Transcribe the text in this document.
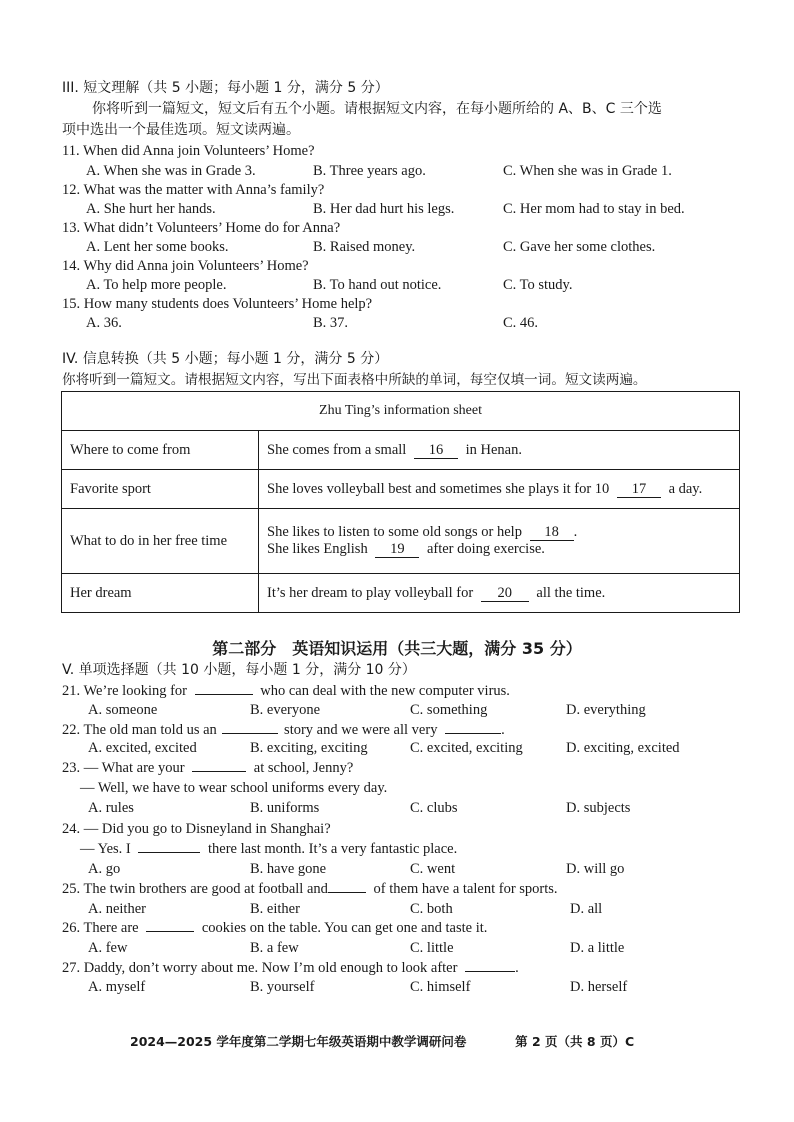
III. 短文理解（共 5 小题；每小题 1 分，满分 5 分）
你将听到一篇短文，短文后有五个小题。请根据短文内容，在每小题所给的 A、B、C 三个选
项中选出一个最佳选项。短文读两遍。
11. When did Anna join Volunteers’ Home?
A. When she was in Grade 3.	B. Three years ago.	C. When she was in Grade 1.
12. What was the matter with Anna’s family?
A. She hurt her hands.	B. Her dad hurt his legs.	C. Her mom had to stay in bed.
13. What didn’t Volunteers’ Home do for Anna?
A. Lent her some books.	B. Raised money.	C. Gave her some clothes.
14. Why did Anna join Volunteers’ Home?
A. To help more people.	B. To hand out notice.	C. To study.
15. How many students does Volunteers’ Home help?
A. 36.	B. 37.	C. 46.
IV. 信息转换（共 5 小题；每小题 1 分，满分 5 分）
你将听到一篇短文。请根据短文内容，写出下面表格中所缺的单词，每空仅填一词。短文读两遍。
Zhu Ting’s information sheet	
Where to come from	She comes from a small 16 in Henan.
Favorite sport	She loves volleyball best and sometimes she plays it for 10 17 a day.
What to do in her free time	She likes to listen to some old songs or help 18 .
She likes English 19 after doing exercise.

Her dream	It’s her dream to play volleyball for 20 all the time.
第二部分　英语知识运用（共三大题，满分 35 分）
V. 单项选择题（共 10 小题，每小题 1 分，满分 10 分）
21. We’re looking for	who can deal with the new computer virus.
A. someone	B. everyone	C. something	D. everything
22. The old man told us an	story and we were all very	.
A. excited, excited	B. exciting, exciting	C. excited, exciting	D. exciting, excited
23. — What are your	at school, Jenny?
— Well, we have to wear school uniforms every day.
A. rules	B. uniforms	C. clubs	D. subjects
24. — Did you go to Disneyland in Shanghai?
— Yes. I	there last month. It’s a very fantastic place.
A. go	B. have gone	C. went	D. will go
25. The twin brothers are good at football and	of them have a talent for sports.
A. neither	B. either	C. both	D. all
26. There are	cookies on the table. You can get one and taste it.
A. few	B. a few	C. little	D. a little
27. Daddy, don’t worry about me. Now I’m old enough to look after	.
A. myself	B. yourself	C. himself	D. herself
2024—2025 学年度第二学期七年级英语期中教学调研问卷	第 2 页（共 8 页）C
